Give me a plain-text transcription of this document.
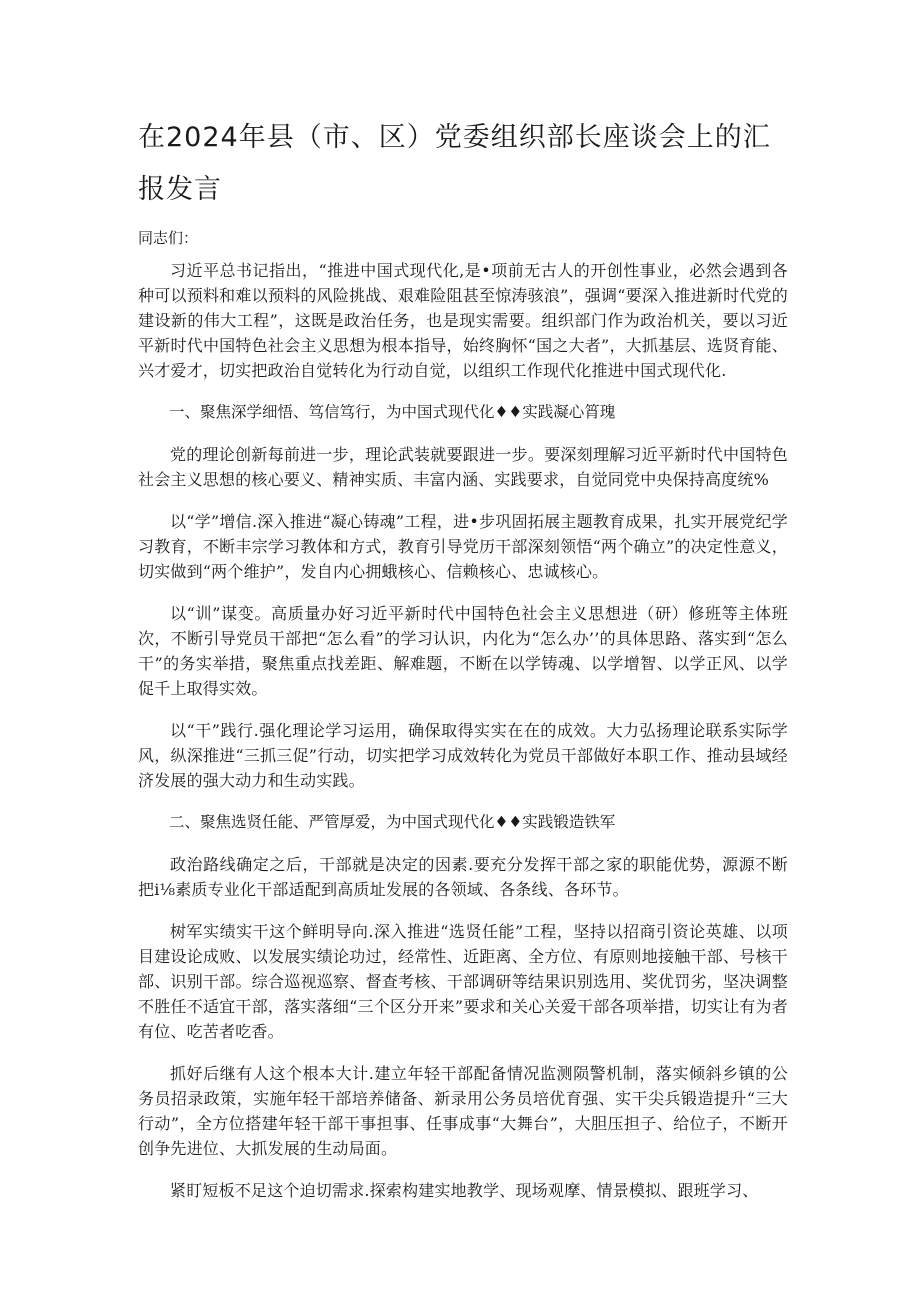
在2024年县（市、区）党委组织部长座谈会上的汇报发言

同志们：

习近平总书记指出，“推进中国式现代化,是•项前无古人的开创性事业，必然会遇到各种可以预料和难以预料的风险挑战、艰难险阻甚至惊涛骇浪”，强调“要深入推进新时代党的建设新的伟大工程”，这既是政治任务，也是现实需要。组织部门作为政治机关，要以习近平新时代中国特色社会主义思想为根本指导，始终胸怀“国之大者”，大抓基层、选贤育能、兴才爱才，切实把政治自觉转化为行动自觉，以组织工作现代化推进中国式现代化.

一、聚焦深学细悟、笃信笃行，为中国式现代化♦♦实践凝心筲瑰

党的理论创新每前进一步，理论武装就要跟进一步。要深刻理解习近平新时代中国特色社会主义思想的核心要义、精神实质、丰富内涵、实践要求，自觉同党中央保持高度统%

以“学”增信.深入推进“凝心铸魂”工程，进•步巩固拓展主题教育成果，扎实开展党纪学习教育，不断丰宗学习教体和方式，教育引导党历干部深刻领悟“两个确立”的决定性意义，切实做到“两个维护”，发自内心拥蛾核心、信赖核心、忠诚核心。

以“训”谋变。高质量办好习近平新时代中国特色社会主义思想进（研）修班等主体班次，不断引导党员干部把“怎么看”的学习认识，内化为“怎么办’’的具体思路、落实到“怎么干”的务实举措，聚焦重点找差距、解难题，不断在以学铸魂、以学增智、以学正风、以学促千上取得实效。

以“干”践行.强化理论学习运用，确保取得实实在在的成效。大力弘扬理论联系实际学风，纵深推进“三抓三促”行动，切实把学习成效转化为党员干部做好本职工作、推动县域经济发展的强大动力和生动实践。

二、聚焦选贤任能、严管厚爱，为中国式现代化♦♦实践锻造铁军

政治路线确定之后，干部就是决定的因素.要充分发挥干部之家的职能优势，源源不断把i⅛素质专业化干部适配到高质址发展的各领域、各条线、各环节。

树军实绩实干这个鲜明导向.深入推进“选贤任能”工程，坚持以招商引资论英雄、以项目建设论成败、以发展实绩论功过，经常性、近距离、全方位、有原则地接触干部、号核干部、识别干部。综合巡视巡察、督查考核、干部调研等结果识别选用、奖优罚劣，坚决调整不胜任不适宜干部，落实落细“三个区分开来”要求和关心关爱干部各项举措，切实让有为者有位、吃苦者吃香。

抓好后继有人这个根本大计.建立年轻干部配备情况监测陨警机制，落实倾斜乡镇的公务员招录政策，实施年轻干部培养储备、新录用公务员培优育强、实干尖兵锻造提升“三大行动”，全方位搭建年轻干部干事担事、任事成事“大舞台”，大胆压担子、给位子，不断开创争先进位、大抓发展的生动局面。

紧盯短板不足这个迫切需求.探索构建实地教学、现场观摩、情景模拟、跟班学习、
